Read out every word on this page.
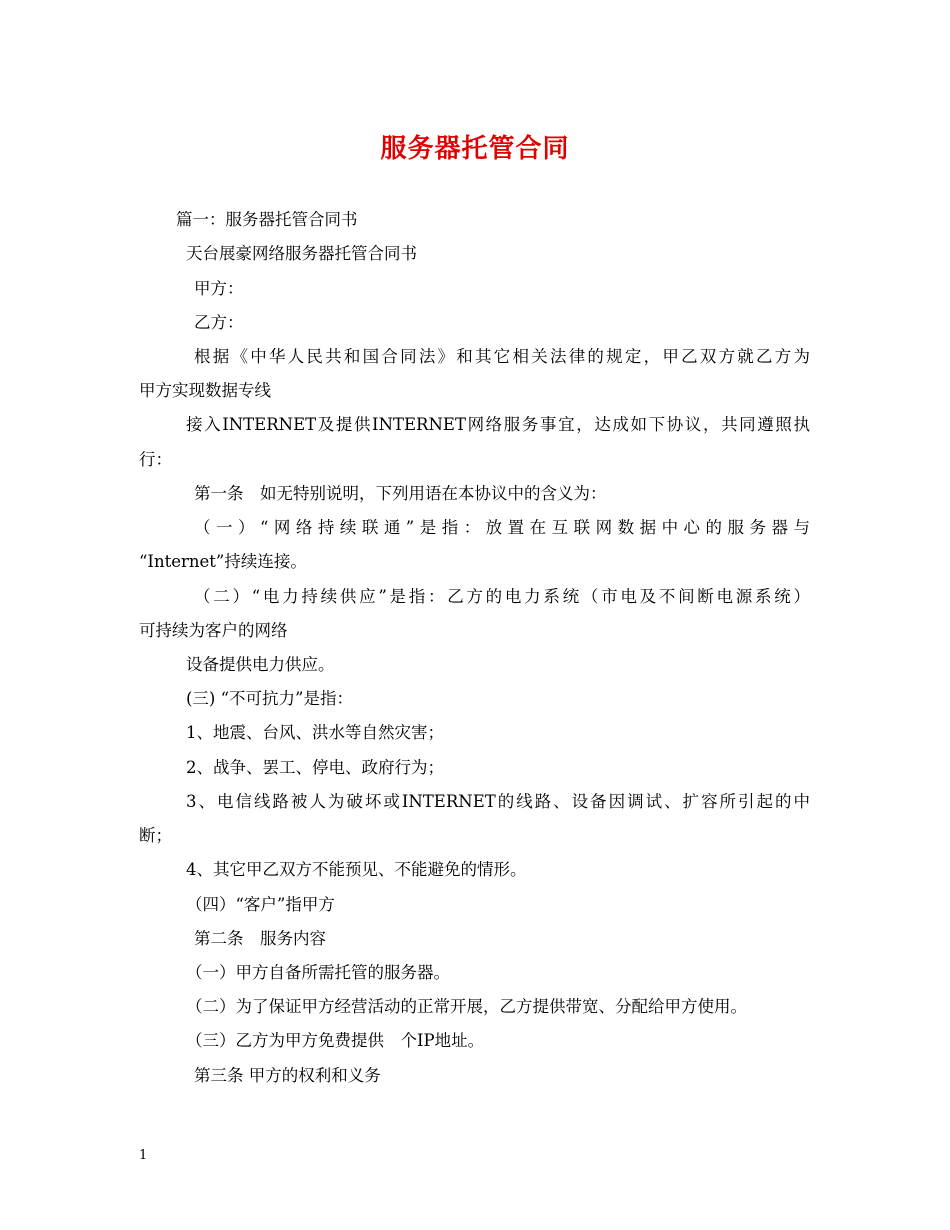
服务器托管合同
篇一：服务器托管合同书
天台展豪网络服务器托管合同书
甲方：
乙方：
根据《中华人民共和国合同法》和其它相关法律的规定，甲乙双方就乙方为
甲方实现数据专线
接入INTERNET及提供INTERNET网络服务事宜，达成如下协议，共同遵照执
行：
第一条　如无特别说明，下列用语在本协议中的含义为：
（一）“网络持续联通”是指：放置在互联网数据中心的服务器与
“Internet”持续连接。
（二）“电力持续供应”是指：乙方的电力系统（市电及不间断电源系统）
可持续为客户的网络
设备提供电力供应。
(三) “不可抗力”是指：
1、地震、台风、洪水等自然灾害；
2、战争、罢工、停电、政府行为；
3、电信线路被人为破坏或INTERNET的线路、设备因调试、扩容所引起的中
断；
4、其它甲乙双方不能预见、不能避免的情形。
（四）“客户”指甲方
第二条　服务内容
（一）甲方自备所需托管的服务器。
（二）为了保证甲方经营活动的正常开展，乙方提供带宽、分配给甲方使用。
（三）乙方为甲方免费提供　个IP地址。
第三条 甲方的权利和义务
1
